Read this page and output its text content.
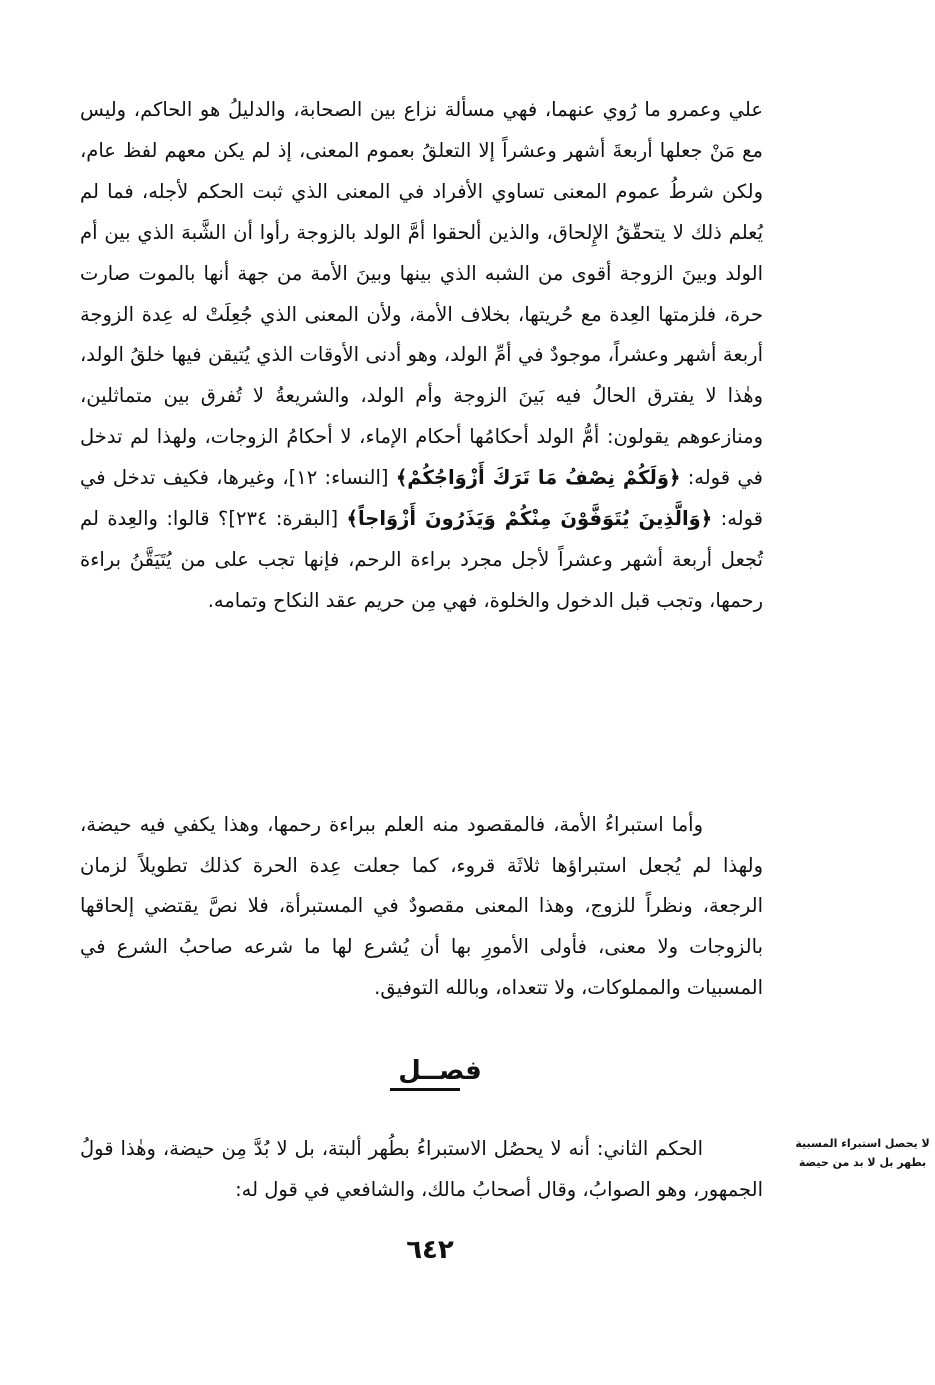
علي وعمرو ما رُوي عنهما، فهي مسألة نزاع بين الصحابة، والدليلُ هو الحاكم، وليس مع مَنْ جعلها أربعةَ أشهر وعشراً إلا التعلقُ بعموم المعنى، إذ لم يكن معهم لفظ عام، ولكن شرطُ عموم المعنى تساوي الأفراد في المعنى الذي ثبت الحكم لأجله، فما لم يُعلم ذلك لا يتحقّقُ الإِلحاق، والذين ألحقوا أمَّ الولد بالزوجة رأوا أن الشَّبهَ الذي بين أم الولد وبينَ الزوجة أقوى من الشبه الذي بينها وبينَ الأمة من جهة أنها بالموت صارت حرة، فلزمتها العِدة مع حُريتها، بخلاف الأمة، ولأن المعنى الذي جُعِلَتْ له عِدة الزوجة أربعة أشهر وعشراً، موجودٌ في أمِّ الولد، وهو أدنى الأوقات الذي يُتيقن فيها خلقُ الولد، وهٰذا لا يفترق الحالُ فيه بَينَ الزوجة وأم الولد، والشريعةُ لا تُفرق بين متماثلين، ومنازعوهم يقولون: أمُّ الولد أحكامُها أحكام الإماء، لا أحكامُ الزوجات، ولهذا لم تدخل في قوله: ﴿وَلَكُمْ نِصْفُ مَا تَرَكَ أَزْوَاجُكُمْ﴾ [النساء: ١٢]، وغيرها، فكيف تدخل في قوله: ﴿وَالَّذِينَ يُتَوَفَّوْنَ مِنْكُمْ وَيَذَرُونَ أَزْوَاجاً﴾ [البقرة: ٢٣٤]؟ قالوا: والعِدة لم تُجعل أربعة أشهر وعشراً لأجل مجرد براءة الرحم، فإنها تجب على من يُتَيَقَّنُ براءة رحمها، وتجب قبل الدخول والخلوة، فهي مِن حريم عقد النكاح وتمامه.
وأما استبراءُ الأمة، فالمقصود منه العلم ببراءة رحمها، وهذا يكفي فيه حيضة، ولهذا لم يُجعل استبراؤها ثلاثَة قروء، كما جعلت عِدة الحرة كذلك تطويلاً لزمان الرجعة، ونظراً للزوج، وهذا المعنى مقصودٌ في المستبرأة، فلا نصَّ يقتضي إلحاقها بالزوجات ولا معنى، فأولى الأمورِ بها أن يُشرع لها ما شرعه صاحبُ الشرع في المسبيات والمملوكات، ولا تتعداه، وبالله التوفيق.
فصــل
الحكم الثاني: أنه لا يحصُل الاستبراءُ بطُهر ألبتة، بل لا بُدَّ مِن حيضة، وهٰذا قولُ الجمهور، وهو الصوابُ، وقال أصحابُ مالك، والشافعي في قول له:
لا يحصل استبراء المسبية بطهر بل لا بد من حيضة
٦٤٢
